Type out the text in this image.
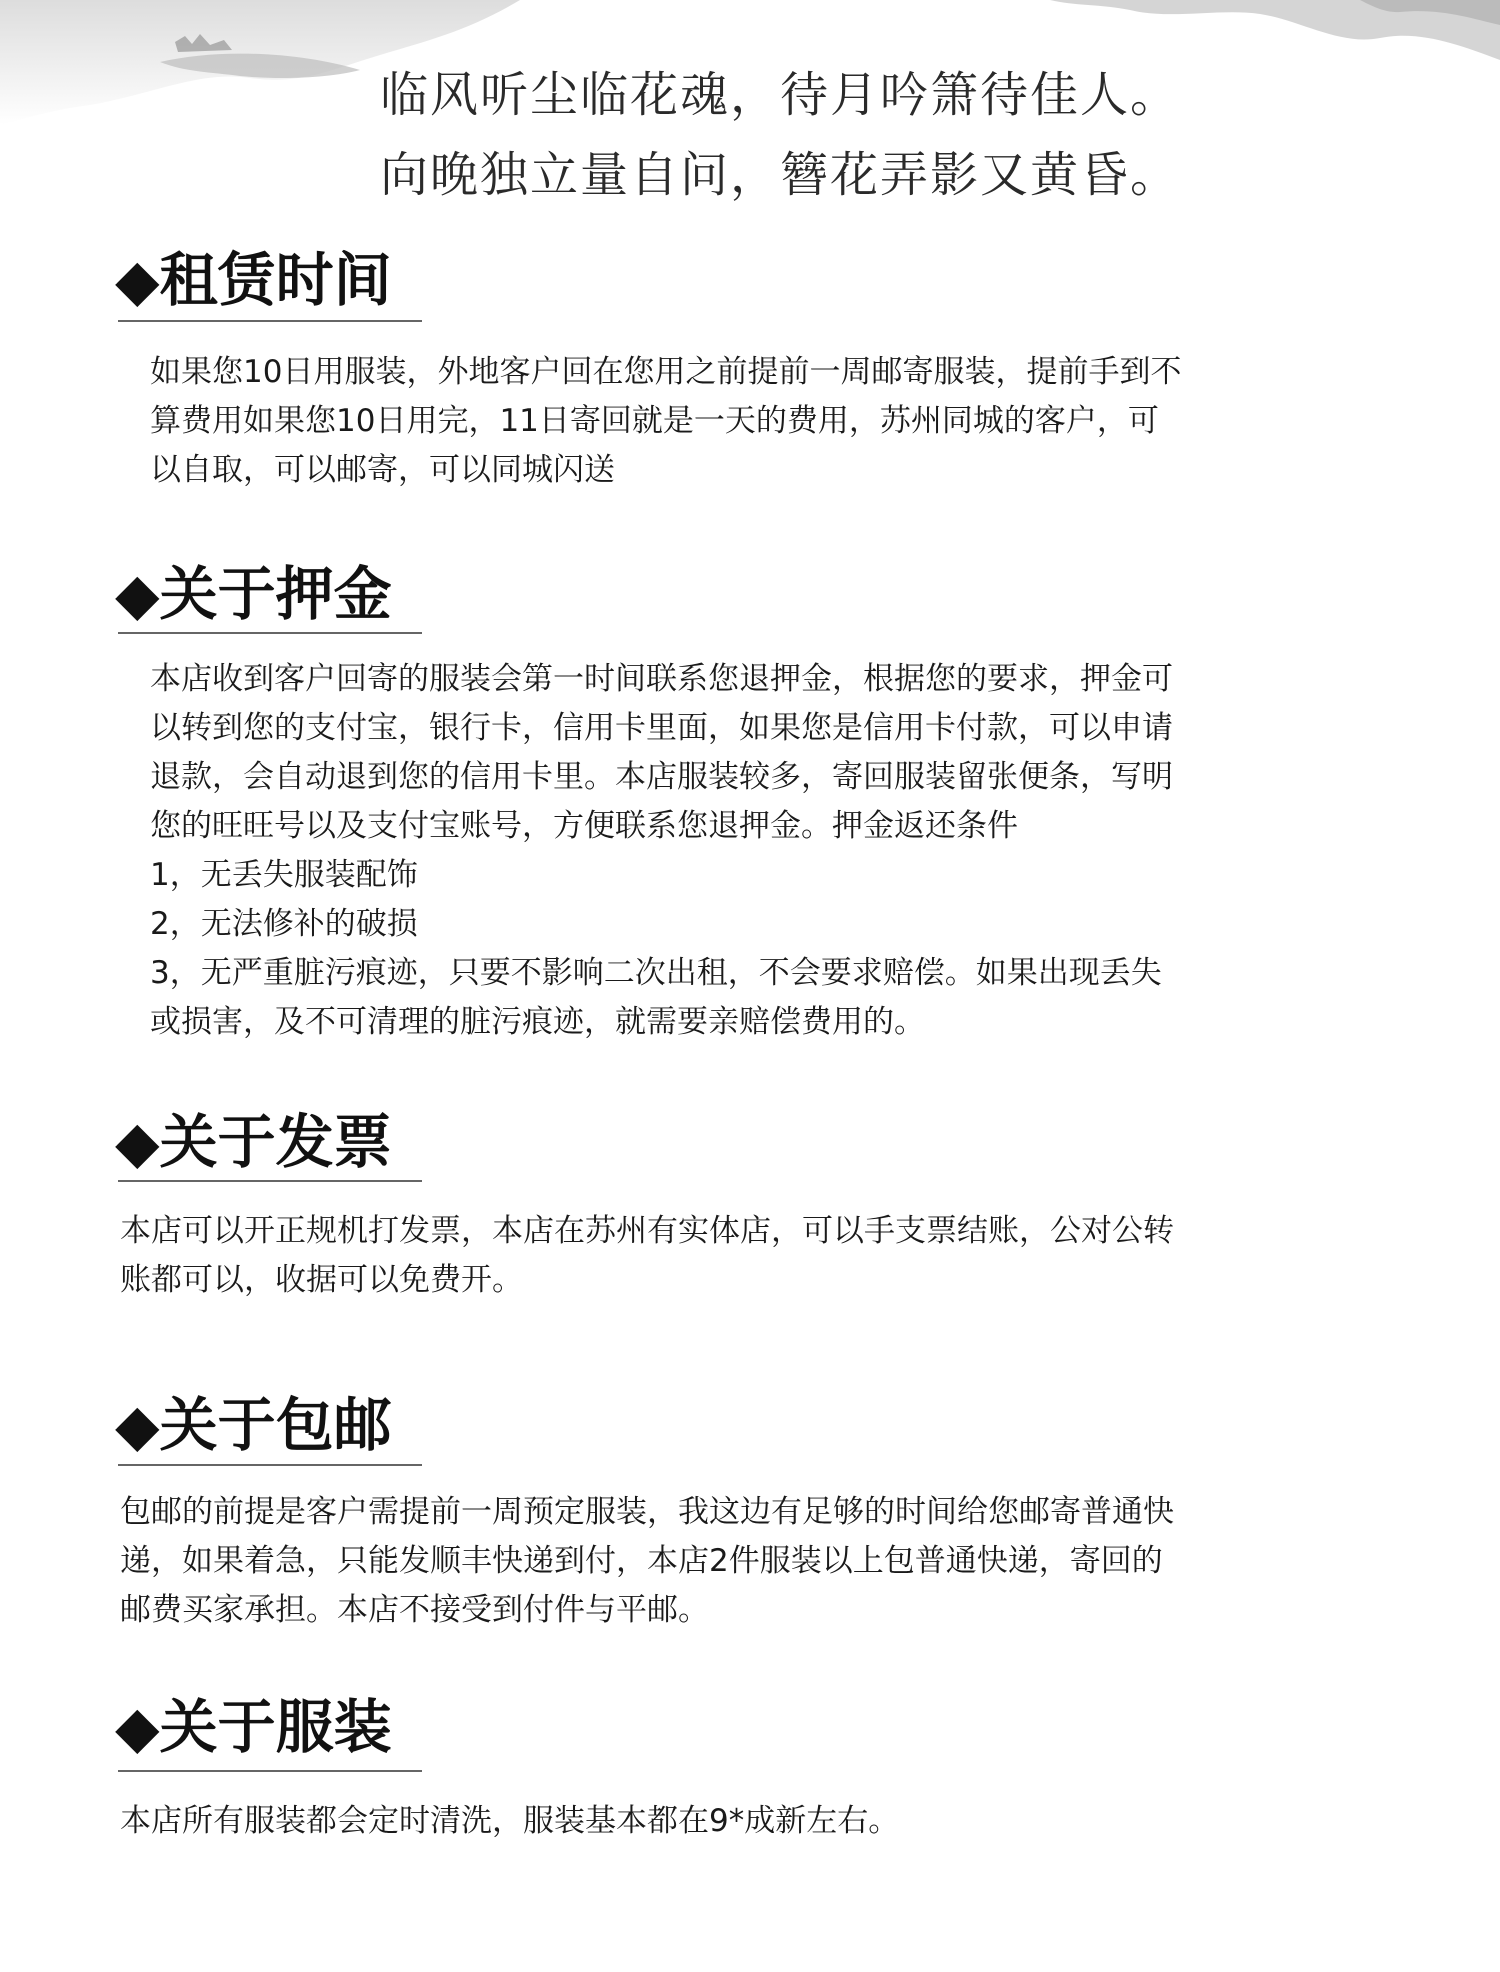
临风听尘临花魂，待月吟箫待佳人。
向晚独立量自问，簪花弄影又黄昏。
◆租赁时间
如果您10日用服装，外地客户回在您用之前提前一周邮寄服装，提前手到不
算费用如果您10日用完，11日寄回就是一天的费用，苏州同城的客户，可
以自取，可以邮寄，可以同城闪送
◆关于押金
本店收到客户回寄的服装会第一时间联系您退押金，根据您的要求，押金可
以转到您的支付宝，银行卡，信用卡里面，如果您是信用卡付款，可以申请
退款，会自动退到您的信用卡里。本店服装较多，寄回服装留张便条，写明
您的旺旺号以及支付宝账号，方便联系您退押金。押金返还条件
1，无丢失服装配饰
2，无法修补的破损
3，无严重脏污痕迹，只要不影响二次出租，不会要求赔偿。如果出现丢失
或损害，及不可清理的脏污痕迹，就需要亲赔偿费用的。
◆关于发票
本店可以开正规机打发票，本店在苏州有实体店，可以手支票结账，公对公转
账都可以，收据可以免费开。
◆关于包邮
包邮的前提是客户需提前一周预定服装，我这边有足够的时间给您邮寄普通快
递，如果着急，只能发顺丰快递到付，本店2件服装以上包普通快递，寄回的
邮费买家承担。本店不接受到付件与平邮。
◆关于服装
本店所有服装都会定时清洗，服装基本都在9*成新左右。
